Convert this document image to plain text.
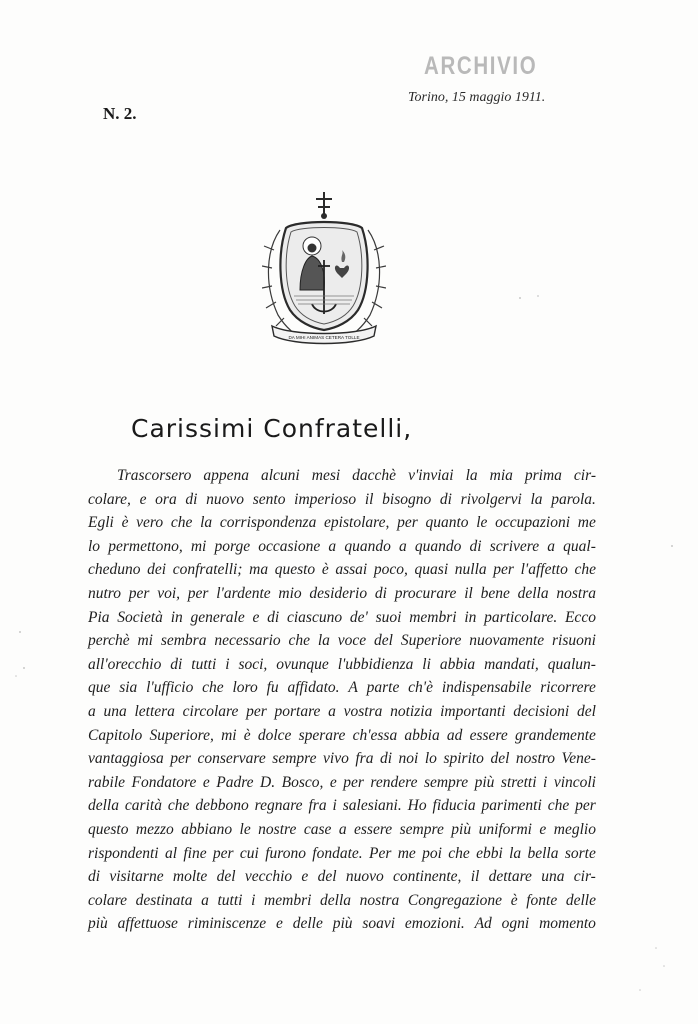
ARCHIVIO
Torino, 15 maggio 1911.
N. 2.
DA MIHI ANIMAS CETERA TOLLE
Carissimi Confratelli,
Trascorsero appena alcuni mesi dacchè v'inviai la mia prima cir-
colare, e ora di nuovo sento imperioso il bisogno di rivolgervi la parola.
Egli è vero che la corrispondenza epistolare, per quanto le occupazioni me
lo permettono, mi porge occasione a quando a quando di scrivere a qual-
cheduno dei confratelli; ma questo è assai poco, quasi nulla per l'affetto che
nutro per voi, per l'ardente mio desiderio di procurare il bene della nostra
Pia Società in generale e di ciascuno de' suoi membri in particolare. Ecco
perchè mi sembra necessario che la voce del Superiore nuovamente risuoni
all'orecchio di tutti i soci, ovunque l'ubbidienza li abbia mandati, qualun-
que sia l'ufficio che loro fu affidato. A parte ch'è indispensabile ricorrere
a una lettera circolare per portare a vostra notizia importanti decisioni del
Capitolo Superiore, mi è dolce sperare ch'essa abbia ad essere grandemente
vantaggiosa per conservare sempre vivo fra di noi lo spirito del nostro Vene-
rabile Fondatore e Padre D. Bosco, e per rendere sempre più stretti i vincoli
della carità che debbono regnare fra i salesiani. Ho fiducia parimenti che per
questo mezzo abbiano le nostre case a essere sempre più uniformi e meglio
rispondenti al fine per cui furono fondate. Per me poi che ebbi la bella sorte
di visitarne molte del vecchio e del nuovo continente, il dettare una cir-
colare destinata a tutti i membri della nostra Congregazione è fonte delle
più affettuose riminiscenze e delle più soavi emozioni. Ad ogni momento
